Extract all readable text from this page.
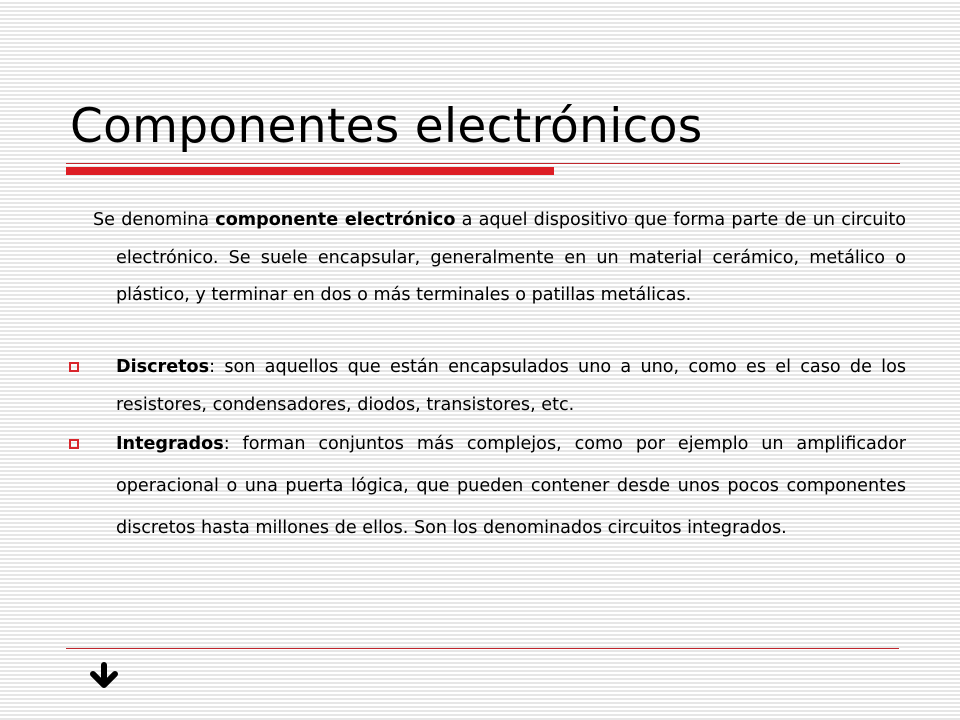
Componentes electrónicos

Se denomina componente electrónico a aquel dispositivo que forma parte de un circuito electrónico. Se suele encapsular, generalmente en un material cerámico, metálico o plástico, y terminar en dos o más terminales o patillas metálicas.

Discretos: son aquellos que están encapsulados uno a uno, como es el caso de los resistores, condensadores, diodos, transistores, etc.

Integrados: forman conjuntos más complejos, como por ejemplo un amplificador operacional o una puerta lógica, que pueden contener desde unos pocos componentes discretos hasta millones de ellos. Son los denominados circuitos integrados.
